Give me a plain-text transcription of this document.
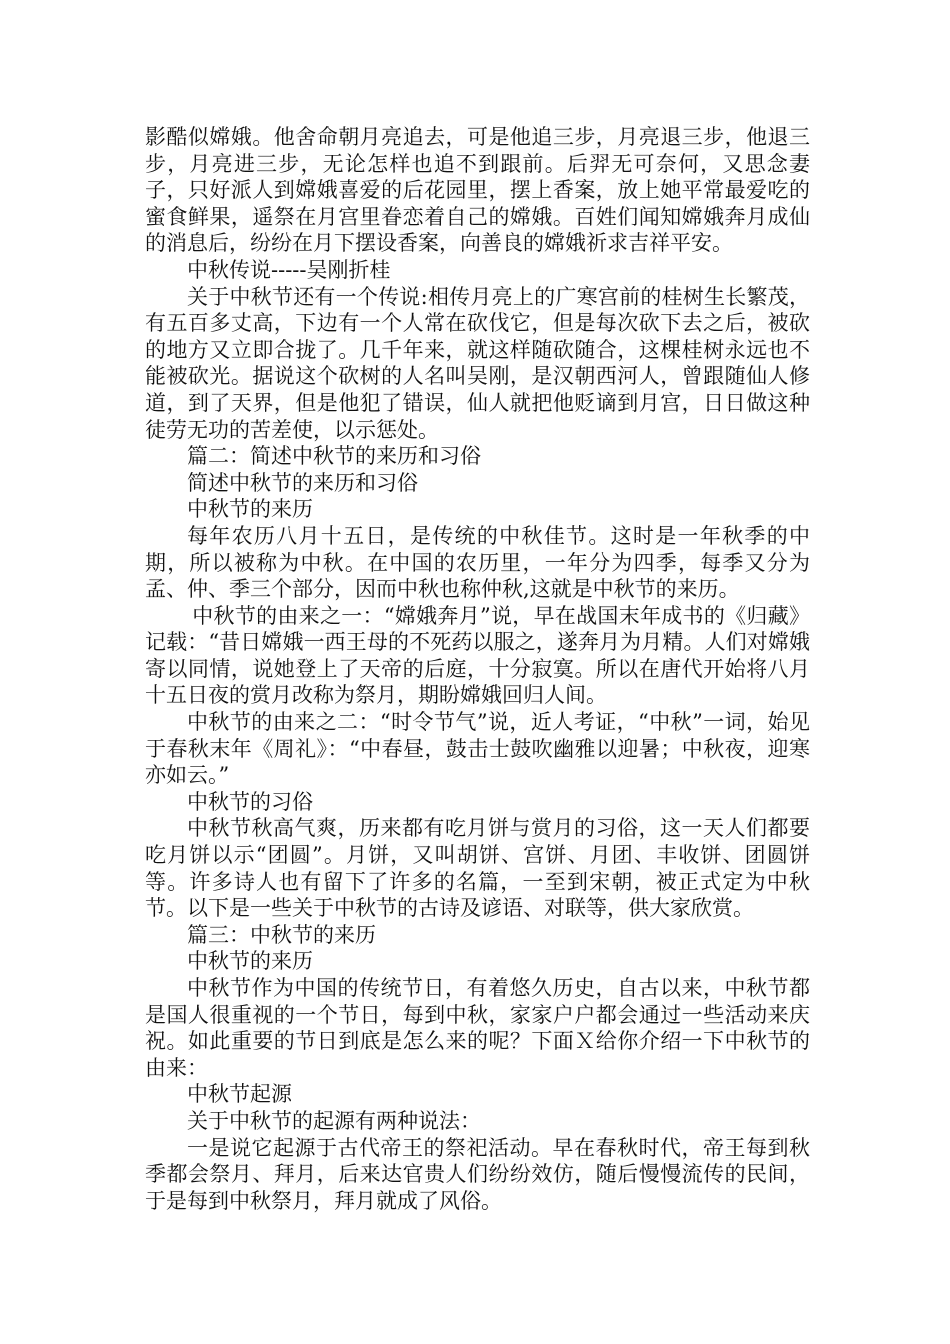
影酷似嫦娥。他舍命朝月亮追去，可是他追三步，月亮退三步，他退三步，月亮进三步，无论怎样也追不到跟前。后羿无可奈何，又思念妻子，只好派人到嫦娥喜爱的后花园里，摆上香案，放上她平常最爱吃的蜜食鲜果，遥祭在月宫里眷恋着自己的嫦娥。百姓们闻知嫦娥奔月成仙的消息后，纷纷在月下摆设香案，向善良的嫦娥祈求吉祥平安。

中秋传说-----吴刚折桂

关于中秋节还有一个传说:相传月亮上的广寒宫前的桂树生长繁茂，有五百多丈高，下边有一个人常在砍伐它，但是每次砍下去之后，被砍的地方又立即合拢了。几千年来，就这样随砍随合，这棵桂树永远也不能被砍光。据说这个砍树的人名叫吴刚，是汉朝西河人，曾跟随仙人修道，到了天界，但是他犯了错误，仙人就把他贬谪到月宫，日日做这种徒劳无功的苦差使，以示惩处。

篇二：简述中秋节的来历和习俗

简述中秋节的来历和习俗

中秋节的来历

每年农历八月十五日，是传统的中秋佳节。这时是一年秋季的中期，所以被称为中秋。在中国的农历里，一年分为四季，每季又分为孟、仲、季三个部分，因而中秋也称仲秋,这就是中秋节的来历。

中秋节的由来之一：“嫦娥奔月”说，早在战国末年成书的《归藏》记载：“昔日嫦娥一西王母的不死药以服之，遂奔月为月精。人们对嫦娥寄以同情，说她登上了天帝的后庭，十分寂寞。所以在唐代开始将八月十五日夜的赏月改称为祭月，期盼嫦娥回归人间。

中秋节的由来之二：“时令节气”说，近人考证，“中秋”一词，始见于春秋末年《周礼》：“中春昼，鼓击士鼓吹幽雅以迎暑；中秋夜，迎寒亦如云。”

中秋节的习俗

中秋节秋高气爽，历来都有吃月饼与赏月的习俗，这一天人们都要吃月饼以示“团圆”。月饼，又叫胡饼、宫饼、月团、丰收饼、团圆饼等。许多诗人也有留下了许多的名篇，一至到宋朝，被正式定为中秋节。以下是一些关于中秋节的古诗及谚语、对联等，供大家欣赏。

篇三：中秋节的来历

中秋节的来历

中秋节作为中国的传统节日，有着悠久历史，自古以来，中秋节都是国人很重视的一个节日，每到中秋，家家户户都会通过一些活动来庆祝。如此重要的节日到底是怎么来的呢？下面Ｘ给你介绍一下中秋节的由来：

中秋节起源

关于中秋节的起源有两种说法：

一是说它起源于古代帝王的祭祀活动。早在春秋时代，帝王每到秋季都会祭月、拜月，后来达官贵人们纷纷效仿，随后慢慢流传的民间，于是每到中秋祭月，拜月就成了风俗。
